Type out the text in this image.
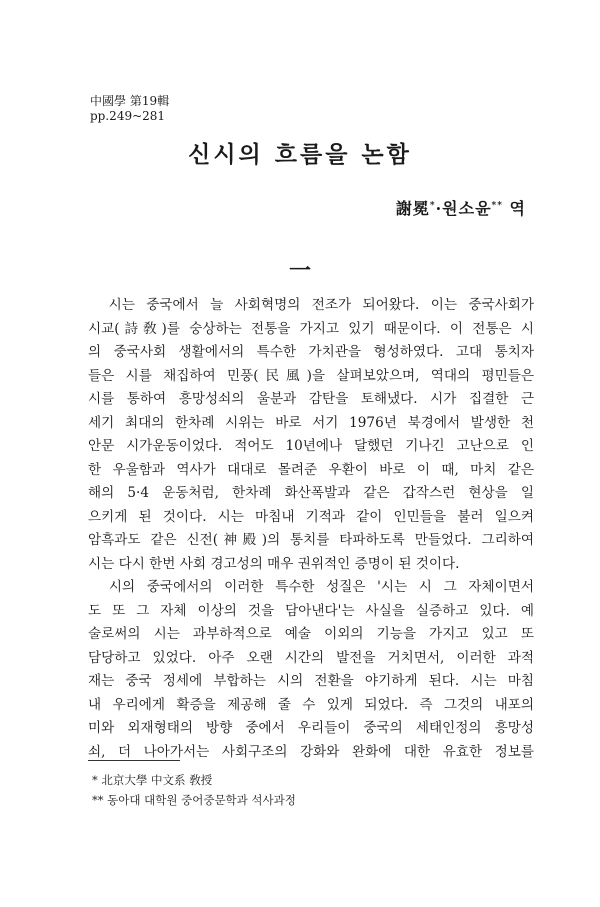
中國學 第19輯
pp.249~281
신시의 흐름을 논함
謝冕*·원소윤** 역
一
　시는 중국에서 늘 사회혁명의 전조가 되어왔다. 이는 중국사회가
시교(詩敎)를 숭상하는 전통을 가지고 있기 때문이다. 이 전통은 시
의 중국사회 생활에서의 특수한 가치관을 형성하였다. 고대 통치자
들은 시를 채집하여 민풍(民風)을 살펴보았으며, 역대의 평민들은
시를 통하여 흥망성쇠의 울분과 감탄을 토해냈다. 시가 집결한 근
세기 최대의 한차례 시위는 바로 서기 1976년 북경에서 발생한 천
안문 시가운동이었다. 적어도 10년에나 달했던 기나긴 고난으로 인
한 우울함과 역사가 대대로 몰려준 우환이 바로 이 때, 마치 같은
해의 5·4 운동처럼, 한차례 화산폭발과 같은 갑작스런 현상을 일
으키게 된 것이다. 시는 마침내 기적과 같이 인민들을 불러 일으켜
암흑과도 같은 신전(神殿)의 통치를 타파하도록 만들었다. 그리하여
시는 다시 한번 사회 경고성의 매우 권위적인 증명이 된 것이다.
　시의 중국에서의 이러한 특수한 성질은 '시는 시 그 자체이면서
도 또 그 자체 이상의 것을 담아낸다'는 사실을 실증하고 있다. 예
술로써의 시는 과부하적으로 예술 이외의 기능을 가지고 있고 또
담당하고 있었다. 아주 오랜 시간의 발전을 거치면서, 이러한 과적
재는 중국 정세에 부합하는 시의 전환을 야기하게 된다. 시는 마침
내 우리에게 확증을 제공해 줄 수 있게 되었다. 즉 그것의 내포의
미와 외재형태의 방향 중에서 우리들이 중국의 세태인정의 흥망성
쇠, 더 나아가서는 사회구조의 강화와 완화에 대한 유효한 정보를
* 北京大學 中文系 敎授
** 동아대 대학원 중어중문학과 석사과정
